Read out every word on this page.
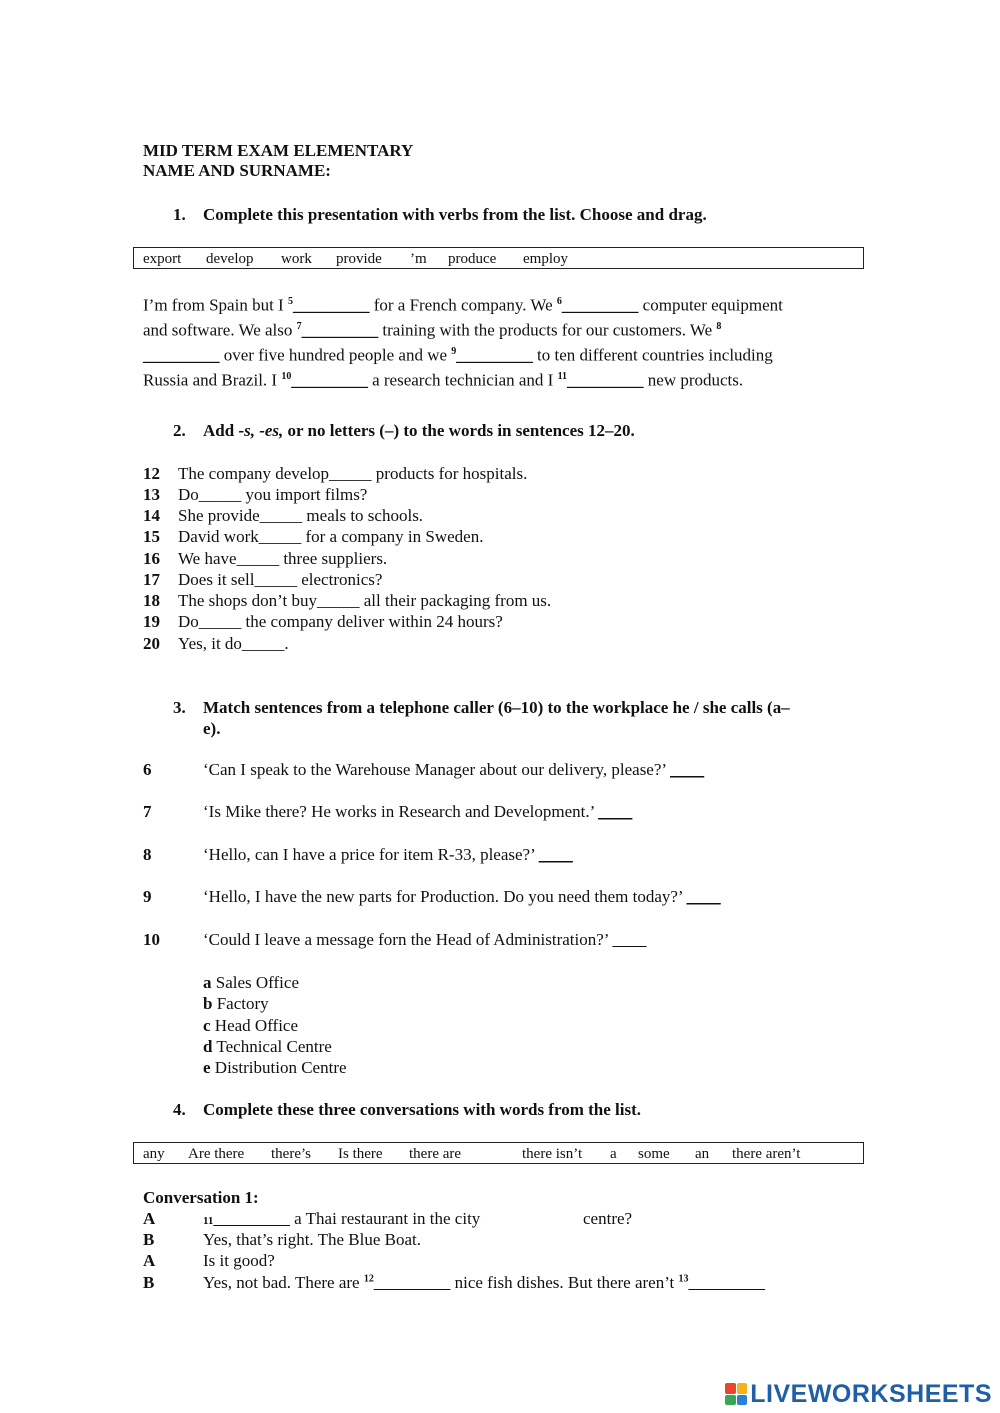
MID TERM EXAM ELEMENTARY
NAME AND SURNAME:
1. Complete this presentation with verbs from the list. Choose and drag.
export develop work provide ’m produce employ
I’m from Spain but I $^5$_________ for a French company. We $^6$_________ computer equipment
and software. We also $^7$_________ training with the products for our customers. We $^8$
_________ over five hundred people and we $^9$_________ to ten different countries including
Russia and Brazil. I $^{10}$_________ a research technician and I $^{11}$_________ new products.
2. Add -s, -es, or no letters (–) to the words in sentences 12–20.
12 The company develop_____ products for hospitals.
13 Do_____ you import films?
14 She provide_____ meals to schools.
15 David work_____ for a company in Sweden.
16 We have_____ three suppliers.
17 Does it sell_____ electronics?
18 The shops don’t buy_____ all their packaging from us.
19 Do_____ the company deliver within 24 hours?
20 Yes, it do_____.
3. Match sentences from a telephone caller (6–10) to the workplace he / she calls (a–
e).
6	‘Can I speak to the Warehouse Manager about our delivery, please?’ ____
7	‘Is Mike there? He works in Research and Development.’ ____
8	‘Hello, can I have a price for item R-33, please?’ ____
9	‘Hello, I have the new parts for Production. Do you need them today?’ ____
10	‘Could I leave a message forn the Head of Administration?’ ____
a Sales Office
b Factory
c Head Office
d Technical Centre
e Distribution Centre
4. Complete these three conversations with words from the list.
any Are there there’s Is there there are	there isn’t a some an there aren’t
Conversation 1:
A	11_________ a Thai restaurant in the city	centre?
B	Yes, that’s right. The Blue Boat.
A	Is it good?
B	Yes, not bad. There are $^{12}$_________ nice fish dishes. But there aren’t $^{13}$_________
LIVEWORKSHEETS
